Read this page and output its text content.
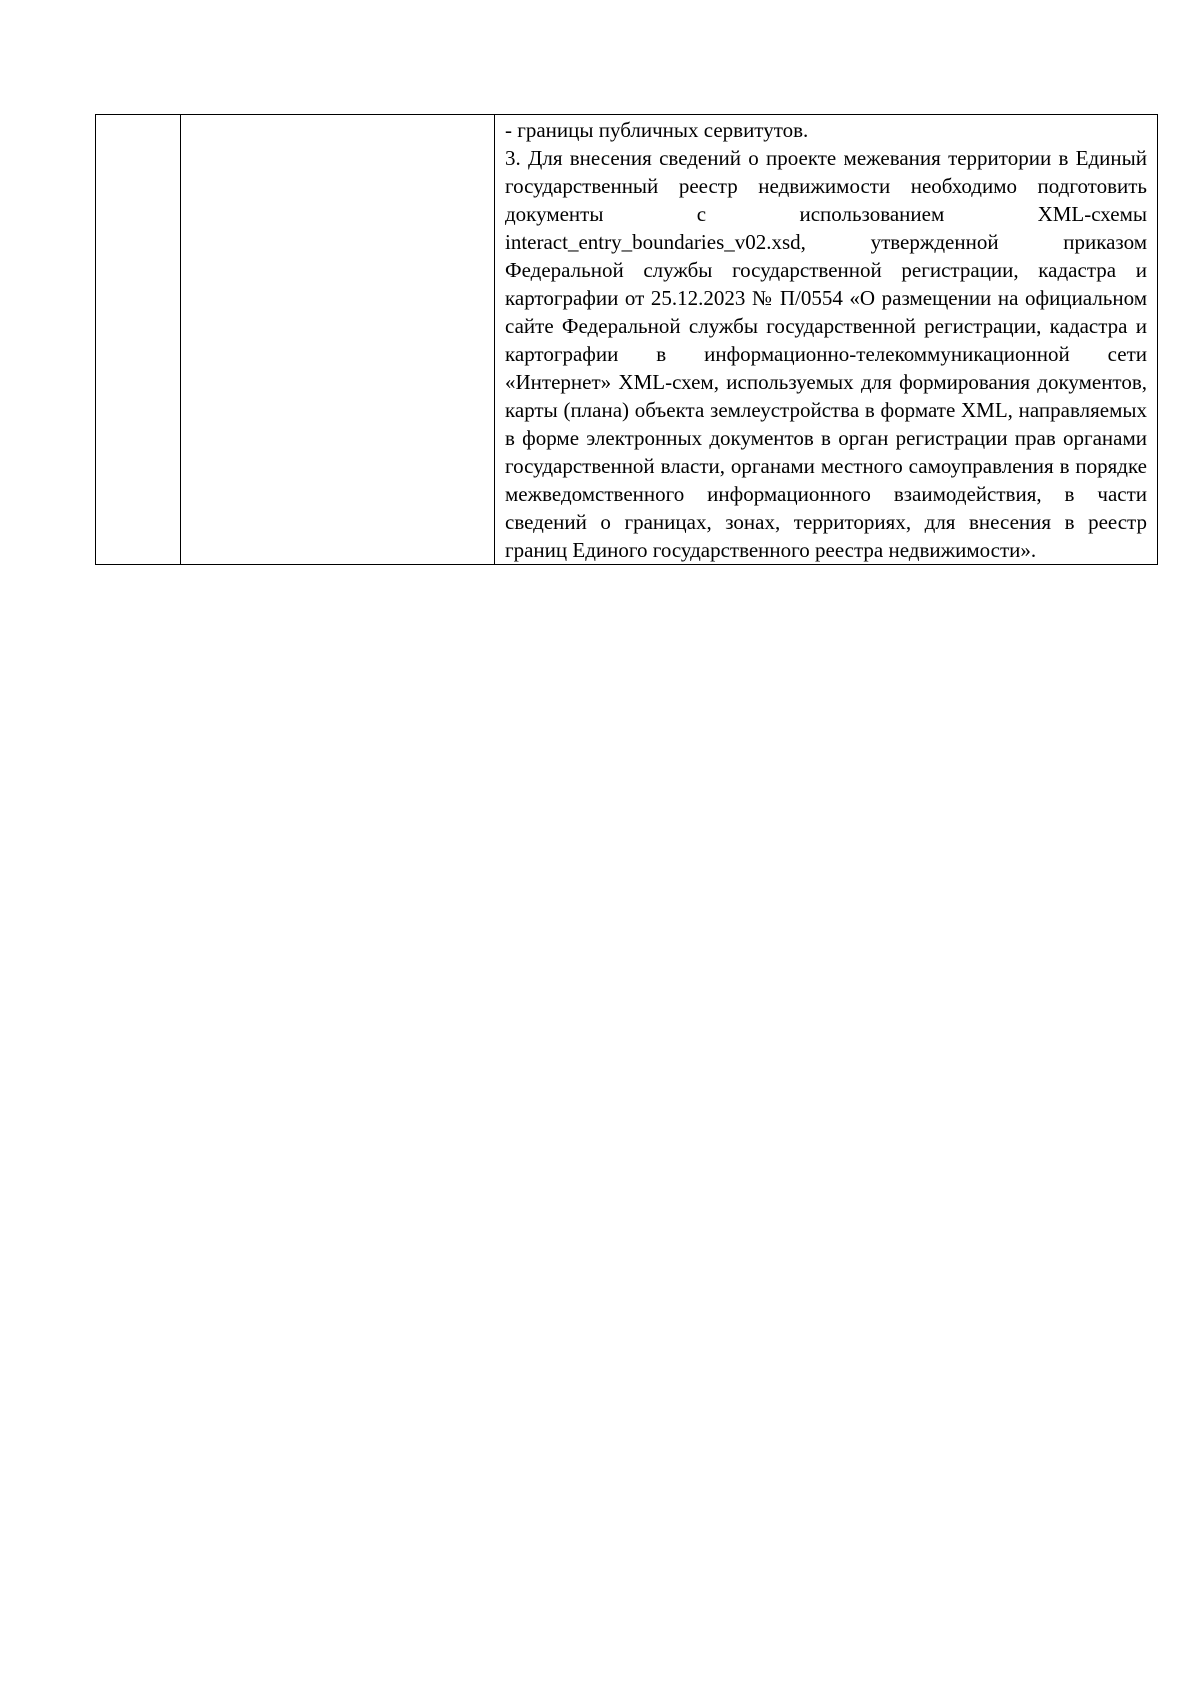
- границы публичных сервитутов.

3. Для внесения сведений о проекте межевания территории в Единый государственный реестр недвижимости необходимо подготовить документы с использованием XML-схемы interact_entry_boundaries_v02.xsd, утвержденной приказом Федеральной службы государственной регистрации, кадастра и картографии от 25.12.2023 № П/0554 «О размещении на официальном сайте Федеральной службы государственной регистрации, кадастра и картографии в информационно-телекоммуникационной сети «Интернет» XML-схем, используемых для формирования документов, карты (плана) объекта землеустройства в формате XML, направляемых в форме электронных документов в орган регистрации прав органами государственной власти, органами местного самоуправления в порядке межведомственного информационного взаимодействия, в части сведений о границах, зонах, территориях, для внесения в реестр границ Единого государственного реестра недвижимости».
